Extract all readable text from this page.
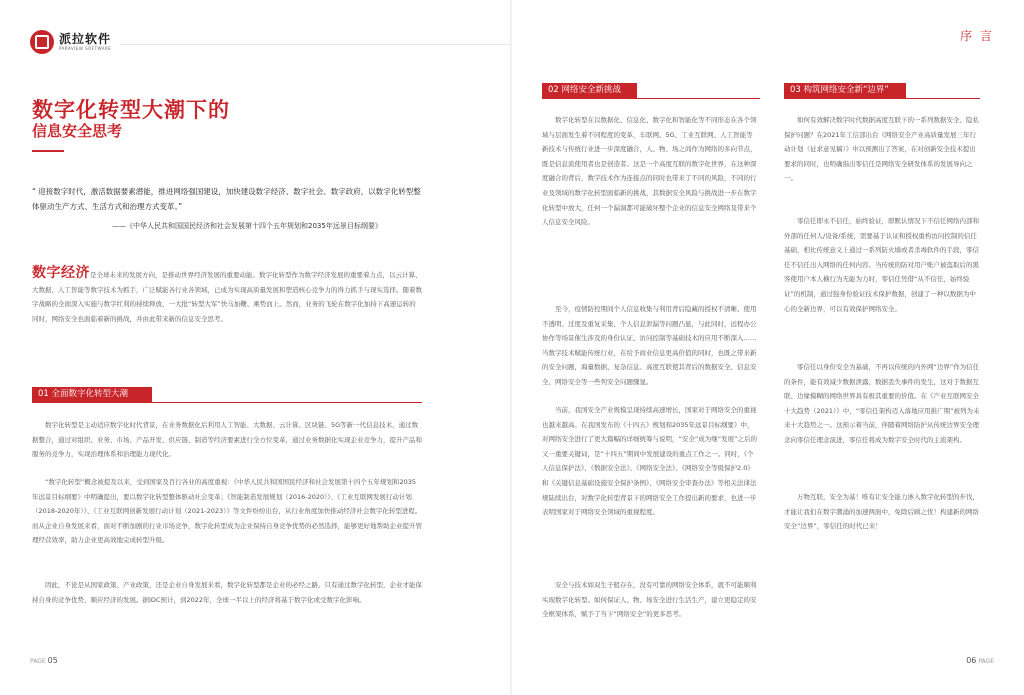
派拉软件
PARAVIEW SOFTWARE
数字化转型大潮下的
信息安全思考

“ 迎接数字时代，激活数据要素潜能，推进网络强国建设，加快建设数字经济、数字社会、数字政府，以数字化转型整体驱动生产方式、生活方式和治理方式变革。”

——《中华人民共和国国民经济和社会发展第十四个五年规划和2035年远景目标纲要》

数字经济是全球未来的发展方向，是推动世界经济发展的重要动能。数字化转型作为数字经济发展的重要着力点，以云计算、大数据、人工智能等数字技术为抓手，广泛赋能各行业各领域，已成为实现高质量发展和塑造核心竞争力的得力抓手与现实选择。随着数字战略的全面深入实施与数字红利的持续释放，一大批“转型大军”快马加鞭、乘势而上。然而，业务的飞轮在数字化加持下高速运转的同时，网络安全也面临着新的挑战，并由此带来新的信息安全思考。

01 全面数字化转型大潮

数字化转型是主动适应数字化时代背景，在业务数据化后利用人工智能、大数据、云计算、区块链、5G等新一代信息技术，通过数据整合，通过对组织、业务、市场、产品开发、供应链、制造等经济要素进行全方位变革，通过业务数据化实现企业竞争力，提升产品和服务的竞争力，实现治理体系和治理能力现代化。

“数字化转型”概念被提及以来，受到国家及百行各业的高度重视：《中华人民共和国国民经济和社会发展第十四个五年规划和2035年远景目标纲要》中明确提出，要以数字化转型整体驱动社会变革；《智能制造发展规划（2016-2020）》、《工业互联网发展行动计划（2018-2020年）》、《工业互联网创新发展行动计划（2021-2023）》等文件纷纷出台，从行业角度加快推动经济社会数字化转型进程。而从企业自身发展来看，面对不断加剧的行业市场竞争，数字化转型成为企业保持自身竞争优势的必然选择，能够更好地帮助企业提升管理经营效率，助力企业更高效地完成转型升级。

因此，不论是从国家政策、产业政策，还是企业自身发展来看，数字化转型都是企业的必经之路。只有通过数字化转型，企业才能保持自身的竞争优势，顺应经济的发展。据IDC预计，到2022年，全球一半以上的经济将基于数字化或受数字化影响。

PAGE 05
序 言
02 网络安全新挑战

数字化转型在以数据化、信息化、数字化和智能化等不同形态在各个领域与层面发生着不同程度的变革，车联网、5G、工业互联网、人工智能等新技术与传统行业进一步深度融合，人、物、场之间作为网络的多向节点，既是信息流使用者也是创造者。这是一个高度互联的数字化世界，在这种深度融合的背后，数字技术作为连接点的同时也带来了不同的风险，不同的行业及领域的数字化转型面临新的挑战，其数据安全风险与挑战进一步在数字化转型中放大，任何一个漏洞都可能破坏整个企业的信息安全网络及带来个人信息安全风险。

至今，疫情防控期间个人信息收集与利用背后隐藏的授权不清晰、使用不透明、过度及重复采集、个人信息泄漏等问题凸显，与此同时，远程办公协作等场景催生涉及的身份认证、访问控制等基础技术的应用不断深入……当数字技术赋能传统行业，在给予商业信息更高价值的同时，也既之带来新的安全问题，海量数据、复杂信息、高度互联使其背后的数据安全、信息安全、网络安全等一些列安全问题骤显。

当前，我国安全产业规模呈现持续高速增长，国家对于网络安全的重视也越来越高。在我国发布的《十四五》规划和2035年远景目标纲要》中，对网络安全进行了更大篇幅的详细统筹与说明，“安全”成为继“发展”之后的又一重要关键词，是“十四五”期间中发展建设的重点工作之一。同时，《个人信息保护法》、《数据安全法》、《网络安全法》、《网络安全等级保护2.0》和《关键信息基础设施安全保护条例》、《网络安全审查办法》等相关法律法规陆续出台，对数字化转型背景下的网络安全工作提出新的要求，也进一步表明国家对于网络安全领域的重视程度。

安全与技术如双生子般存在，没有可靠的网络安全体系，就不可能顺利实现数字化转型。如何保证人、物、场安全进行生活生产，建立更稳定的安全框架体系，赋予了当下“网络安全”的更多思考。

03 构筑网络安全新“边界”

如何有效解决数字时代数据高度互联下的一系列数据安全、隐私保护问题？在2021年工信部出台《网络安全产业高质量发展三年行动计划（征求意见稿）》中以预测出了答案，在对创新安全技术提出要求的同时，也明确指出零信任是网络安全研发体系的发展导向之一。

零信任即永不信任，始终验证，即默认情况下不信任网络内部和外部的任何人/设备/系统，需要基于认证和授权重构访问控制的信任基础，相比传统意义上通过一系列防火墙或者杀毒软件的手段，零信任不信任出入网络的任何内容。当传统的防对用户账户被盗取后的黑客使用户本人横行为无能为力时，零信任凭借“从不信任，始终验证”的机制，通过强身份验证技术保护数据，创建了一种以数据为中心的全新边界，可以有效保护网络安全。

零信任以身份安全为基础，不再以传统的内外网“边界”作为信任的条件，能有效减少数据泄露、数据丢失事件的发生，这对于数据互联、边缘模糊的网络世界具有极其重要的价值。在《产业互联网安全十大趋势（2021）》中，“零信任架构迈入落地应用推广期”被列为未来十大趋势之一。这预示着当前，伴随着网络防护从传统边界安全理念向零信任理念演进，零信任将成为数字安全时代的主流架构。

万物互联，安全为基！唯有让安全能力渗入数字化转型的步伐，才能让我们在数字潮涌的加速两面中，免除后顾之忧！构建新的网络安全“边界”，零信任的时代已来！

06 PAGE
